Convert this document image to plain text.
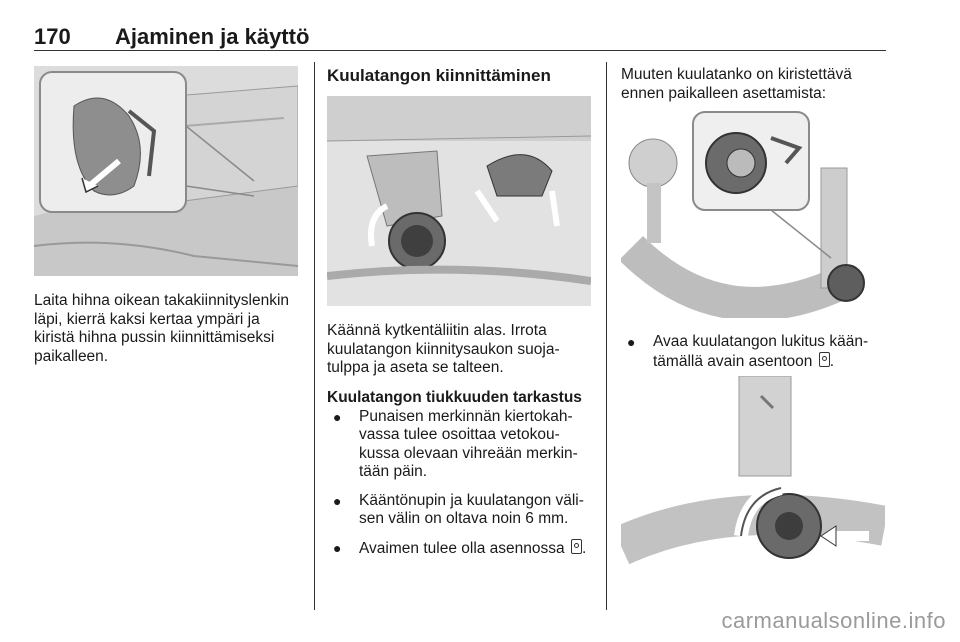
170 Ajaminen ja käyttö

Laita hihna oikean takakiinnityslenkin
läpi, kierrä kaksi kertaa ympäri ja
kiristä hihna pussin kiinnittämiseksi
paikalleen.

Kuulatangon kiinnittäminen

Käännä kytkentäliitin alas. Irrota
kuulatangon kiinnitysaukon suoja-
tulppa ja aseta se talteen.

Kuulatangon tiukkuuden tarkastus
● Punaisen merkinnän kiertokah-
vassa tulee osoittaa vetokou-
kussa olevaan vihreään merkin-
tään päin.
● Kääntönupin ja kuulatangon väli-
sen välin on oltava noin 6 mm.
● Avaimen tulee olla asennossa .

Muuten kuulatanko on kiristettävä
ennen paikalleen asettamista:

● Avaa kuulatangon lukitus kään-
tämällä avain asentoon .
carmanualsonline.info
